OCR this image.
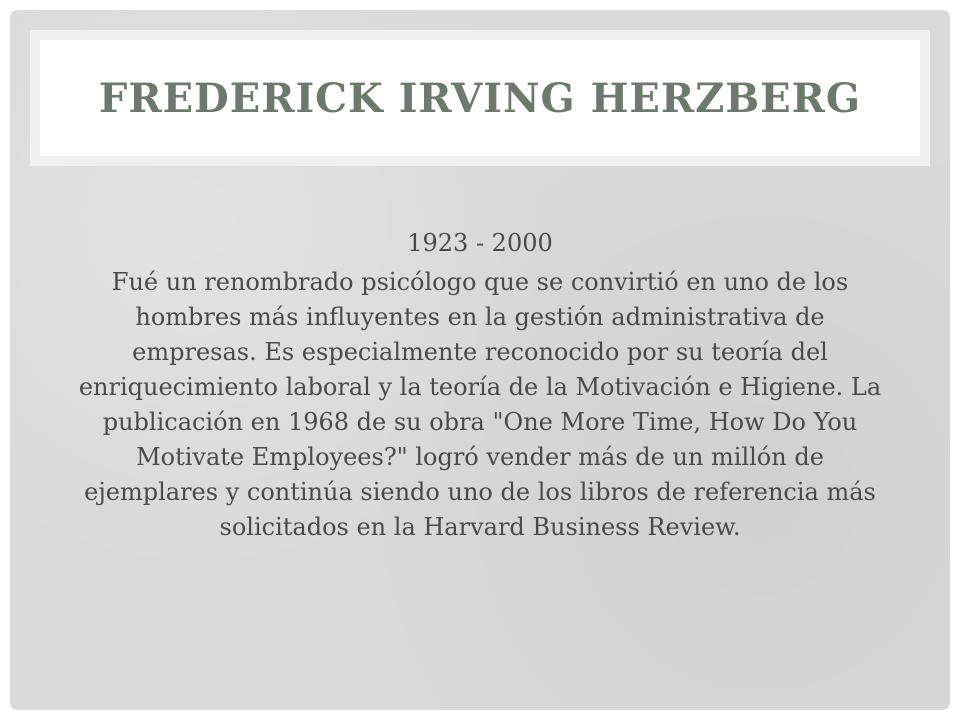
FREDERICK IRVING HERZBERG

1923 - 2000

Fué un renombrado psicólogo que se convirtió en uno de los hombres más influyentes en la gestión administrativa de empresas. Es especialmente reconocido por su teoría del enriquecimiento laboral y la teoría de la Motivación e Higiene. La publicación en 1968 de su obra "One More Time, How Do You Motivate Employees?" logró vender más de un millón de ejemplares y continúa siendo uno de los libros de referencia más solicitados en la Harvard Business Review.
